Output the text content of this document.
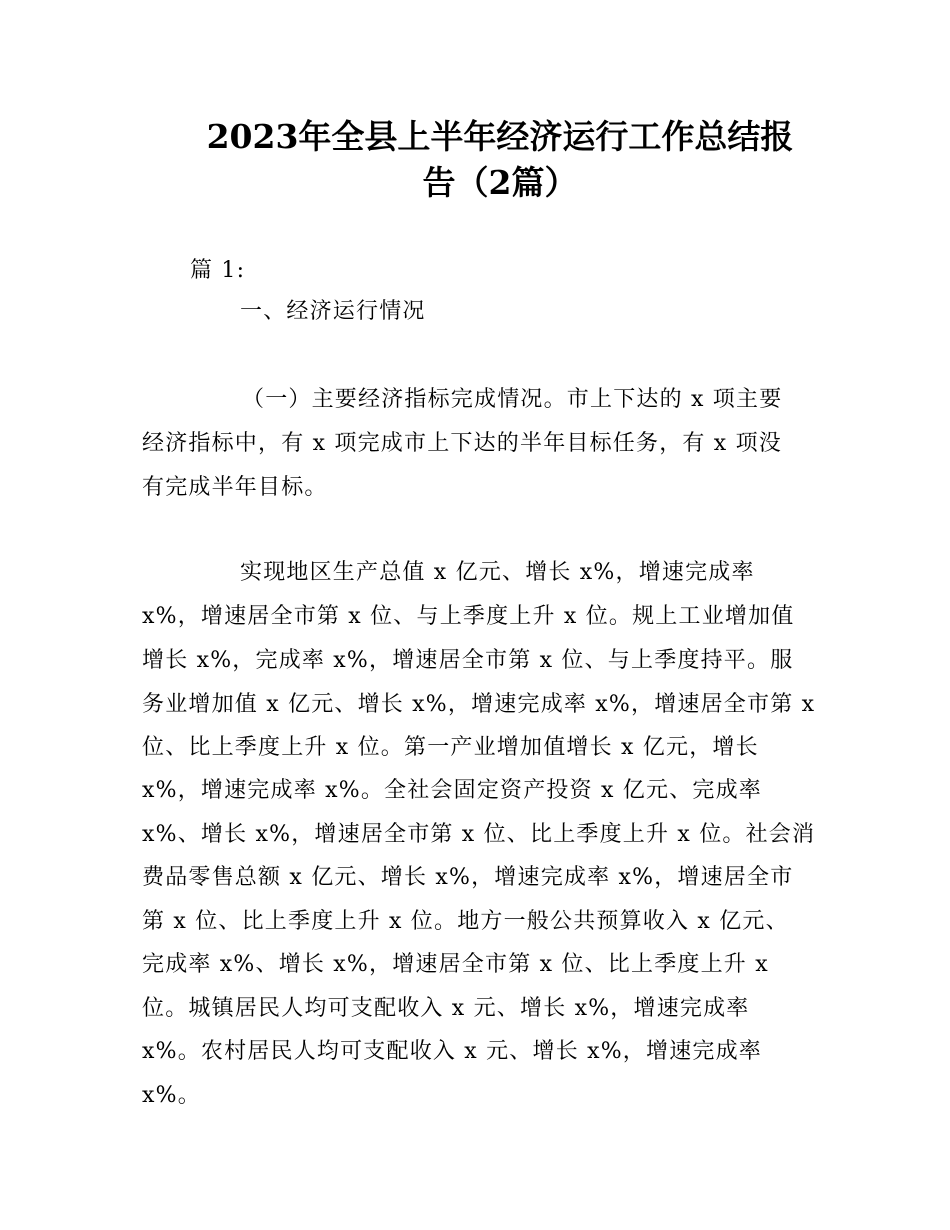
2023年全县上半年经济运行工作总结报
告（2篇）

篇 1:

一、经济运行情况

（一）主要经济指标完成情况。市上下达的 x 项主要

经济指标中，有 x 项完成市上下达的半年目标任务，有 x 项没

有完成半年目标。

实现地区生产总值 x 亿元、增长 x%，增速完成率

x%，增速居全市第 x 位、与上季度上升 x 位。规上工业增加值

增长 x%，完成率 x%，增速居全市第 x 位、与上季度持平。服

务业增加值 x 亿元、增长 x%，增速完成率 x%，增速居全市第 x

位、比上季度上升 x 位。第一产业增加值增长 x 亿元，增长

x%，增速完成率 x%。全社会固定资产投资 x 亿元、完成率

x%、增长 x%，增速居全市第 x 位、比上季度上升 x 位。社会消

费品零售总额 x 亿元、增长 x%，增速完成率 x%，增速居全市

第 x 位、比上季度上升 x 位。地方一般公共预算收入 x 亿元、

完成率 x%、增长 x%，增速居全市第 x 位、比上季度上升 x

位。城镇居民人均可支配收入 x 元、增长 x%，增速完成率

x%。农村居民人均可支配收入 x 元、增长 x%，增速完成率

x%。
